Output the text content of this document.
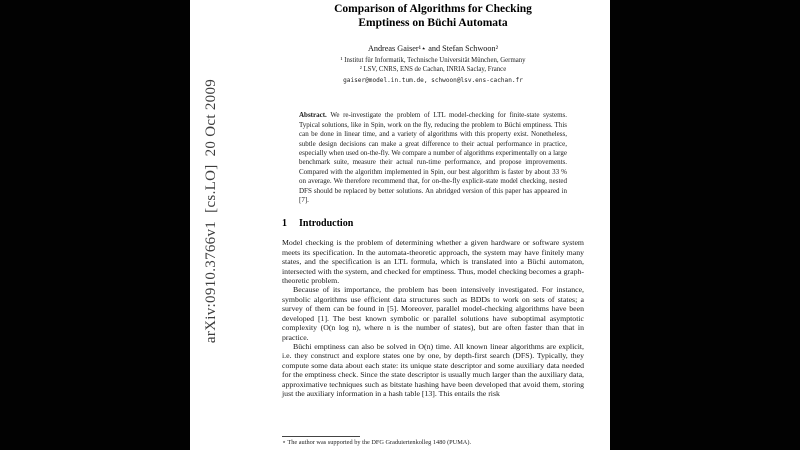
arXiv:0910.3766v1  [cs.LO]  20 Oct 2009
Comparison of Algorithms for Checking
Emptiness on Büchi Automata
Andreas Gaiser¹⋆ and Stefan Schwoon²
¹ Institut für Informatik, Technische Universität München, Germany
² LSV, CNRS, ENS de Cachan, INRIA Saclay, France
gaiser@model.in.tum.de, schwoon@lsv.ens-cachan.fr
Abstract. We re-investigate the problem of LTL model-checking for finite-state systems. Typical solutions, like in Spin, work on the fly, reducing the problem to Büchi emptiness. This can be done in linear time, and a variety of algorithms with this property exist. Nonetheless, subtle design decisions can make a great difference to their actual performance in practice, especially when used on-the-fly. We compare a number of algorithms experimentally on a large benchmark suite, measure their actual run-time performance, and propose improvements. Compared with the algorithm implemented in Spin, our best algorithm is faster by about 33 % on average. We therefore recommend that, for on-the-fly explicit-state model checking, nested DFS should be replaced by better solutions. An abridged version of this paper has appeared in [7].
1 Introduction

Model checking is the problem of determining whether a given hardware or software system meets its specification. In the automata-theoretic approach, the system may have finitely many states, and the specification is an LTL formula, which is translated into a Büchi automaton, intersected with the system, and checked for emptiness. Thus, model checking becomes a graph-theoretic problem.

Because of its importance, the problem has been intensively investigated. For instance, symbolic algorithms use efficient data structures such as BDDs to work on sets of states; a survey of them can be found in [5]. Moreover, parallel model-checking algorithms have been developed [1]. The best known symbolic or parallel solutions have suboptimal asymptotic complexity (O(n log n), where n is the number of states), but are often faster than that in practice.

Büchi emptiness can also be solved in O(n) time. All known linear algorithms are explicit, i.e. they construct and explore states one by one, by depth-first search (DFS). Typically, they compute some data about each state: its unique state descriptor and some auxiliary data needed for the emptiness check. Since the state descriptor is usually much larger than the auxiliary data, approximative techniques such as bitstate hashing have been developed that avoid them, storing just the auxiliary information in a hash table [13]. This entails the risk

⋆ The author was supported by the DFG Graduiertenkolleg 1480 (PUMA).
